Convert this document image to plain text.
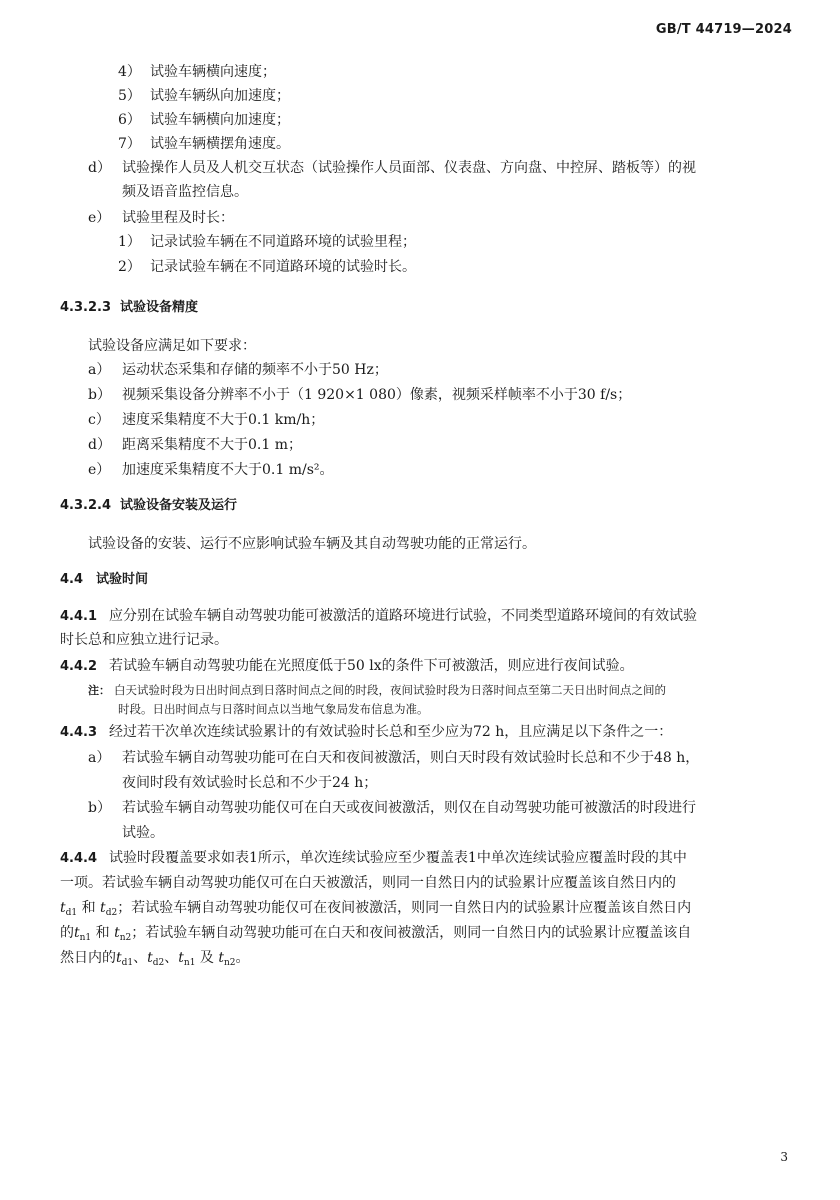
GB/T 44719—2024
4） 试验车辆横向速度；
5） 试验车辆纵向加速度；
6） 试验车辆横向加速度；
7） 试验车辆横摆角速度。
d） 试验操作人员及人机交互状态（试验操作人员面部、仪表盘、方向盘、中控屏、踏板等）的视
频及语音监控信息。
e） 试验里程及时长：
1） 记录试验车辆在不同道路环境的试验里程；
2） 记录试验车辆在不同道路环境的试验时长。
4.3.2.3 试验设备精度
试验设备应满足如下要求：
a） 运动状态采集和存储的频率不小于50 Hz；
b） 视频采集设备分辨率不小于（1 920×1 080）像素，视频采样帧率不小于30 f/s；
c） 速度采集精度不大于0.1 km/h；
d） 距离采集精度不大于0.1 m；
e） 加速度采集精度不大于0.1 m/s²。
4.3.2.4 试验设备安装及运行
试验设备的安装、运行不应影响试验车辆及其自动驾驶功能的正常运行。
4.4 试验时间
4.4.1 应分别在试验车辆自动驾驶功能可被激活的道路环境进行试验，不同类型道路环境间的有效试验
时长总和应独立进行记录。
4.4.2 若试验车辆自动驾驶功能在光照度低于50 lx的条件下可被激活，则应进行夜间试验。
注： 白天试验时段为日出时间点到日落时间点之间的时段，夜间试验时段为日落时间点至第二天日出时间点之间的
时段。日出时间点与日落时间点以当地气象局发布信息为准。
4.4.3 经过若干次单次连续试验累计的有效试验时长总和至少应为72 h，且应满足以下条件之一：
a） 若试验车辆自动驾驶功能可在白天和夜间被激活，则白天时段有效试验时长总和不少于48 h，
夜间时段有效试验时长总和不少于24 h；
b） 若试验车辆自动驾驶功能仅可在白天或夜间被激活，则仅在自动驾驶功能可被激活的时段进行
试验。
4.4.4 试验时段覆盖要求如表1所示，单次连续试验应至少覆盖表1中单次连续试验应覆盖时段的其中
一项。若试验车辆自动驾驶功能仅可在白天被激活，则同一自然日内的试验累计应覆盖该自然日内的
$t_{d1}$ 和 $t_{d2}$；若试验车辆自动驾驶功能仅可在夜间被激活，则同一自然日内的试验累计应覆盖该自然日内
的$t_{n1}$ 和 $t_{n2}$；若试验车辆自动驾驶功能可在白天和夜间被激活，则同一自然日内的试验累计应覆盖该自
然日内的$t_{d1}$、$t_{d2}$、$t_{n1}$ 及 $t_{n2}$。
3
